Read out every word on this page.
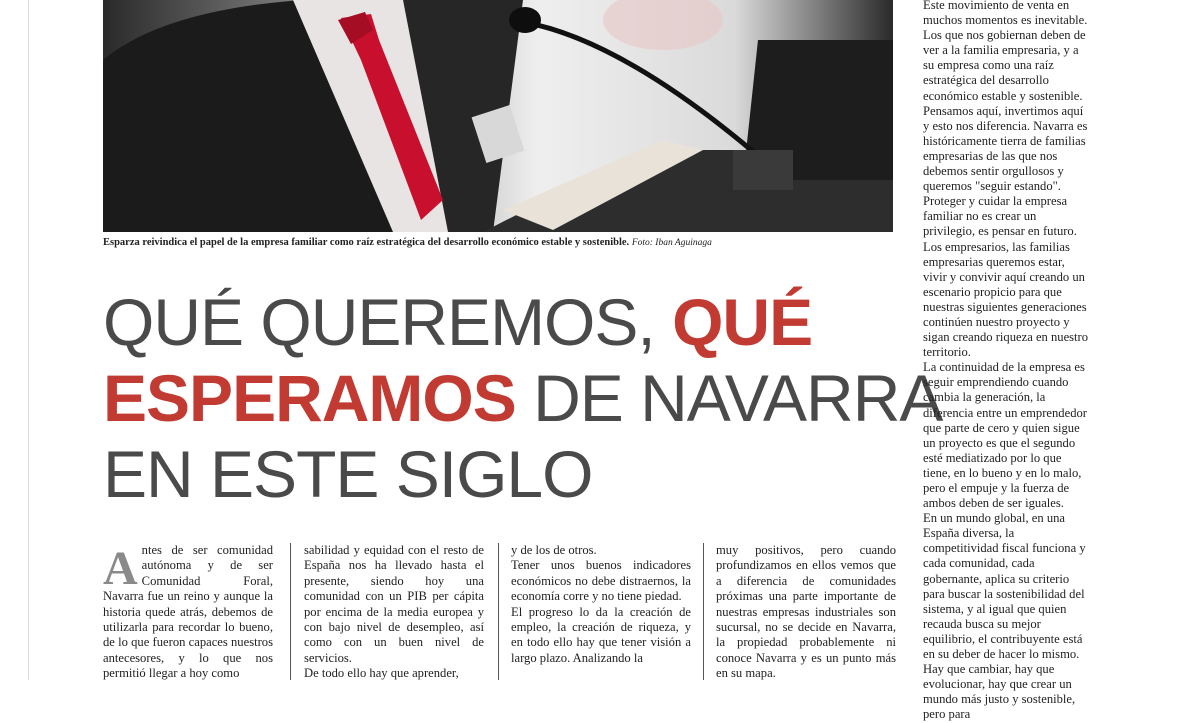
Esparza reivindica el papel de la empresa familiar como raíz estratégica del desarrollo económico estable y sostenible. Foto: Iban Aguinaga
QUÉ QUEREMOS, QUÉ
ESPERAMOS DE NAVARRA
EN ESTE SIGLO

Antes de ser comunidad autónoma y de ser Comunidad Foral, Navarra fue un reino y aunque la historia quede atrás, debemos de utilizarla para recordar lo bueno, de lo que fueron capaces nuestros antecesores, y lo que nos permitió llegar a hoy como

sabilidad y equidad con el resto de España nos ha llevado hasta el presente, siendo hoy una comunidad con un PIB per cápita por encima de la media europea y con bajo nivel de desempleo, así como con un buen nivel de servicios.

De todo ello hay que aprender,

y de los de otros.

Tener unos buenos indicadores económicos no debe distraernos, la economía corre y no tiene piedad.

El progreso lo da la creación de empleo, la creación de riqueza, y en todo ello hay que tener visión a largo plazo. Analizando la

muy positivos, pero cuando profundizamos en ellos vemos que a diferencia de comunidades próximas una parte importante de nuestras empresas industriales son sucursal, no se decide en Navarra, la propiedad probablemente ni conoce Navarra y es un punto más en su mapa.

Este movimiento de venta en muchos momentos es inevitable. Los que nos gobiernan deben de ver a la familia empresaria, y a su empresa como una raíz estratégica del desarrollo económico estable y sostenible. Pensamos aquí, invertimos aquí y esto nos diferencia. Navarra es históricamente tierra de familias empresarias de las que nos debemos sentir orgullosos y queremos "seguir estando". Proteger y cuidar la empresa familiar no es crear un privilegio, es pensar en futuro. Los empresarios, las familias empresarias queremos estar, vivir y convivir aquí creando un escenario propicio para que nuestras siguientes generaciones continúen nuestro proyecto y sigan creando riqueza en nuestro territorio.

La continuidad de la empresa es seguir emprendiendo cuando cambia la generación, la diferencia entre un emprendedor que parte de cero y quien sigue un proyecto es que el segundo esté mediatizado por lo que tiene, en lo bueno y en lo malo, pero el empuje y la fuerza de ambos deben de ser iguales.

En un mundo global, en una España diversa, la competitividad fiscal funciona y cada comunidad, cada gobernante, aplica su criterio para buscar la sostenibilidad del sistema, y al igual que quien recauda busca su mejor equilibrio, el contribuyente está en su deber de hacer lo mismo. Hay que cambiar, hay que evolucionar, hay que crear un mundo más justo y sostenible, pero para
